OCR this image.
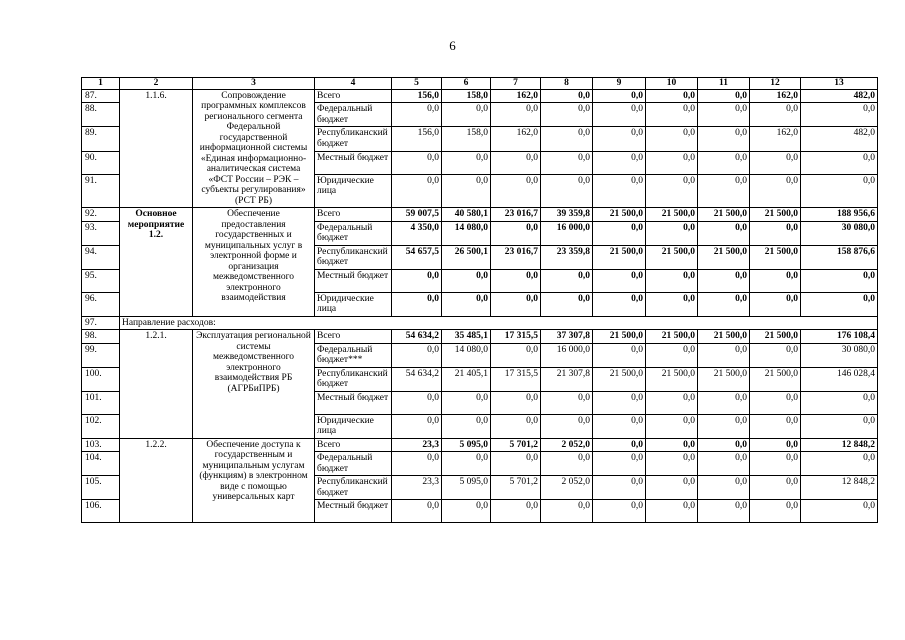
6
1	2	3	4	5	6	7	8	9	10	11	12	13
87.	1.1.6.	Сопровождение программных комплексов регионального сегмента Федеральной государственной информационной системы «Единая информационно-аналитическая система «ФСТ России – РЭК – субъекты регулирования» (РСТ РБ)	Всего	156,0	158,0	162,0	0,0	0,0	0,0	0,0	162,0	482,0
88.			Федеральный бюджет	0,0	0,0	0,0	0,0	0,0	0,0	0,0	0,0	0,0
89.			Республиканский бюджет	156,0	158,0	162,0	0,0	0,0	0,0	0,0	162,0	482,0
90.			Местный бюджет	0,0	0,0	0,0	0,0	0,0	0,0	0,0	0,0	0,0
91.			Юридические лица	0,0	0,0	0,0	0,0	0,0	0,0	0,0	0,0	0,0
92.	Основное мероприятие 1.2.	Обеспечение предоставления государственных и муниципальных услуг в электронной форме и организация межведомственного электронного взаимодействия	Всего	59 007,5	40 580,1	23 016,7	39 359,8	21 500,0	21 500,0	21 500,0	21 500,0	188 956,6
93.			Федеральный бюджет	4 350,0	14 080,0	0,0	16 000,0	0,0	0,0	0,0	0,0	30 080,0
94.			Республиканский бюджет	54 657,5	26 500,1	23 016,7	23 359,8	21 500,0	21 500,0	21 500,0	21 500,0	158 876,6
95.			Местный бюджет	0,0	0,0	0,0	0,0	0,0	0,0	0,0	0,0	0,0
96.			Юридические лица	0,0	0,0	0,0	0,0	0,0	0,0	0,0	0,0	0,0
97.	Направление расходов:											
98.	1.2.1.	Эксплуатация региональной системы межведомственного электронного взаимодействия РБ (АГРБиПРБ)	Всего	54 634,2	35 485,1	17 315,5	37 307,8	21 500,0	21 500,0	21 500,0	21 500,0	176 108,4
99.			Федеральный бюджет***	0,0	14 080,0	0,0	16 000,0	0,0	0,0	0,0	0,0	30 080,0
100.			Республиканский бюджет	54 634,2	21 405,1	17 315,5	21 307,8	21 500,0	21 500,0	21 500,0	21 500,0	146 028,4
101.			Местный бюджет	0,0	0,0	0,0	0,0	0,0	0,0	0,0	0,0	0,0
102.			Юридические лица	0,0	0,0	0,0	0,0	0,0	0,0	0,0	0,0	0,0
103.	1.2.2.	Обеспечение доступа к государственным и муниципальным услугам (функциям) в электронном виде с помощью универсальных карт	Всего	23,3	5 095,0	5 701,2	2 052,0	0,0	0,0	0,0	0,0	12 848,2
104.			Федеральный бюджет	0,0	0,0	0,0	0,0	0,0	0,0	0,0	0,0	0,0
105.			Республиканский бюджет	23,3	5 095,0	5 701,2	2 052,0	0,0	0,0	0,0	0,0	12 848,2
106.			Местный бюджет	0,0	0,0	0,0	0,0	0,0	0,0	0,0	0,0	0,0
